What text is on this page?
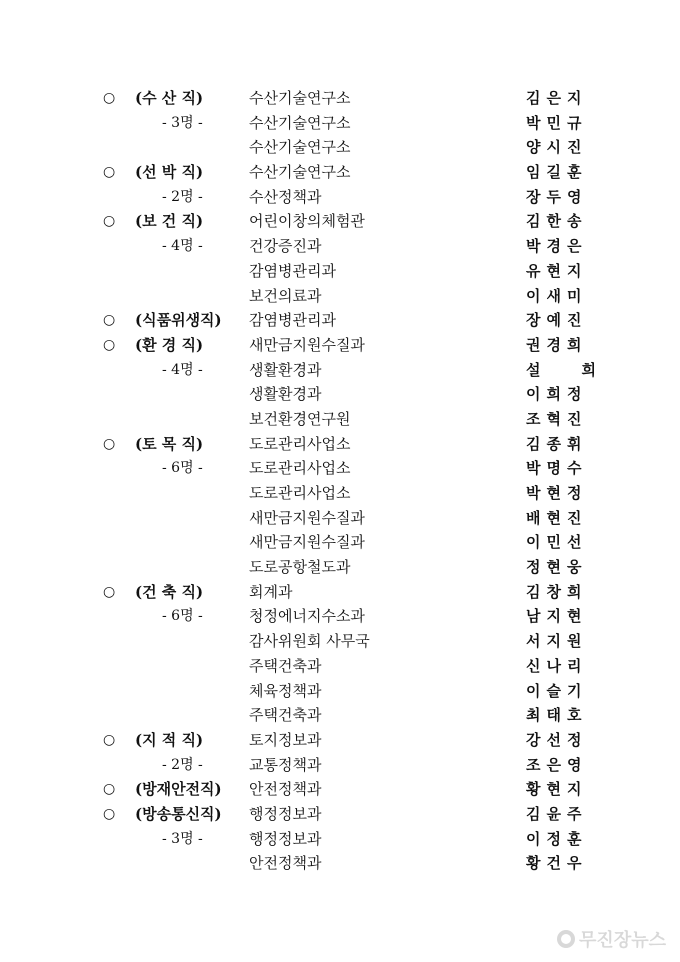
○ (수 산 직)	수산기술연구소	김은지
- 3명 -	수산기술연구소	박민규
수산기술연구소	양시진
○ (선 박 직)	수산기술연구소	임길훈
- 2명 -	수산정책과	장두영
○ (보 건 직)	어린이창의체험관	김한송
- 4명 -	건강증진과	박경은
감염병관리과	유현지
보건의료과	이새미
○ (식품위생직) 감염병관리과	장예진
○ (환 경 직)	새만금지원수질과	권경희
- 4명 -	생활환경과	설	희
생활환경과	이희정
보건환경연구원	조혁진
○ (토 목 직)	도로관리사업소	김종휘
- 6명 -	도로관리사업소	박명수
도로관리사업소	박현정
새만금지원수질과	배현진
새만금지원수질과	이민선
도로공항철도과	정현웅
○ (건 축 직)	회계과	김창희
- 6명 -	청정에너지수소과	남지현
감사위원회 사무국	서지원
주택건축과	신나리
체육정책과	이슬기
주택건축과	최태호
○ (지 적 직)	토지정보과	강선정
- 2명 -	교통정책과	조은영
○ (방재안전직) 안전정책과	황현지
○ (방송통신직) 행정정보과	김윤주
- 3명 -	행정정보과	이정훈
안전정책과	황건우
무진장뉴스
